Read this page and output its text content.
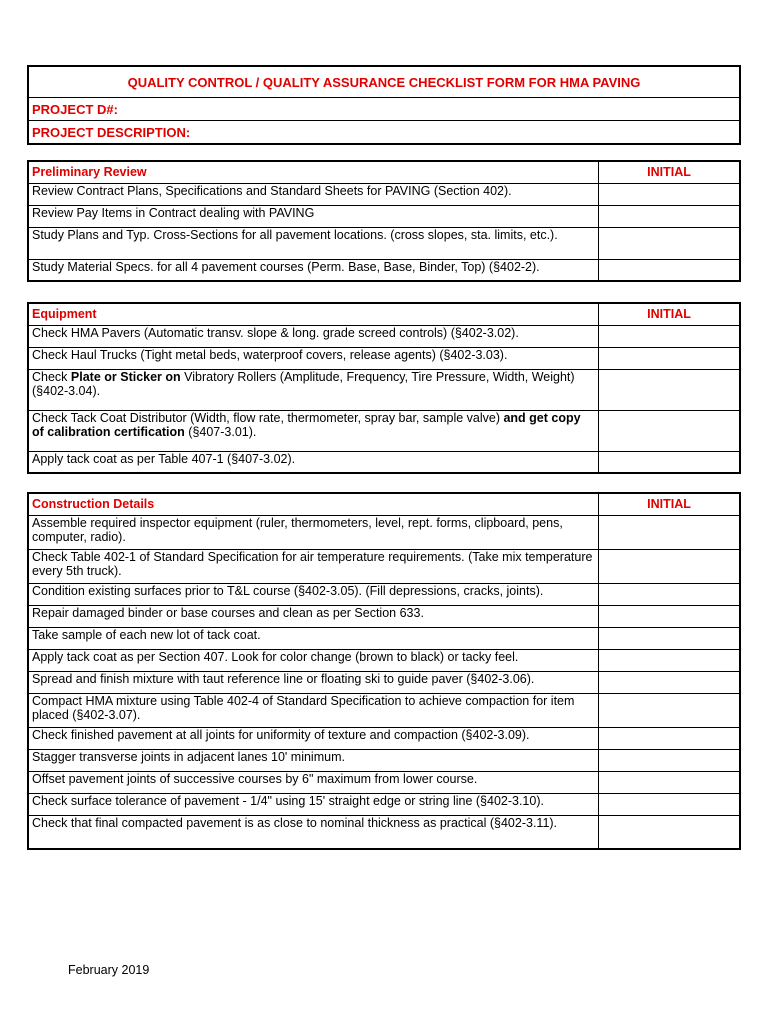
QUALITY CONTROL / QUALITY ASSURANCE CHECKLIST FORM FOR HMA PAVING
PROJECT D#:
PROJECT DESCRIPTION:
Preliminary Review	INITIAL
Review Contract Plans, Specifications and Standard Sheets for PAVING (Section 402).	
Review Pay Items in Contract dealing with PAVING	
Study Plans and Typ. Cross-Sections for all pavement locations. (cross slopes, sta. limits, etc.).	
Study Material Specs. for all 4 pavement courses (Perm. Base, Base, Binder, Top) (§402-2).	
Equipment	INITIAL
Check HMA Pavers (Automatic transv. slope & long. grade screed controls) (§402-3.02).	
Check Haul Trucks (Tight metal beds, waterproof covers, release agents) (§402-3.03).	
Check Plate or Sticker on Vibratory Rollers (Amplitude, Frequency, Tire Pressure, Width, Weight) (§402-3.04).	
Check Tack Coat Distributor (Width, flow rate, thermometer, spray bar, sample valve) and get copy of calibration certification (§407-3.01).	
Apply tack coat as per Table 407-1 (§407-3.02).	
Construction Details	INITIAL
Assemble required inspector equipment (ruler, thermometers, level, rept. forms, clipboard, pens, computer, radio).	
Check Table 402-1 of Standard Specification for air temperature requirements. (Take mix temperature every 5th truck).	
Condition existing surfaces prior to T&L course (§402-3.05). (Fill depressions, cracks, joints).	
Repair damaged binder or base courses and clean as per Section 633.	
Take sample of each new lot of tack coat.	
Apply tack coat as per Section 407. Look for color change (brown to black) or tacky feel.	
Spread and finish mixture with taut reference line or floating ski to guide paver (§402-3.06).	
Compact HMA mixture using Table 402-4 of Standard Specification to achieve compaction for item placed (§402-3.07).	
Check finished pavement at all joints for uniformity of texture and compaction (§402-3.09).	
Stagger transverse joints in adjacent lanes 10' minimum.	
Offset pavement joints of successive courses by 6" maximum from lower course.	
Check surface tolerance of pavement - 1/4" using 15' straight edge or string line (§402-3.10).	
Check that final compacted pavement is as close to nominal thickness as practical (§402-3.11).	
February 2019
